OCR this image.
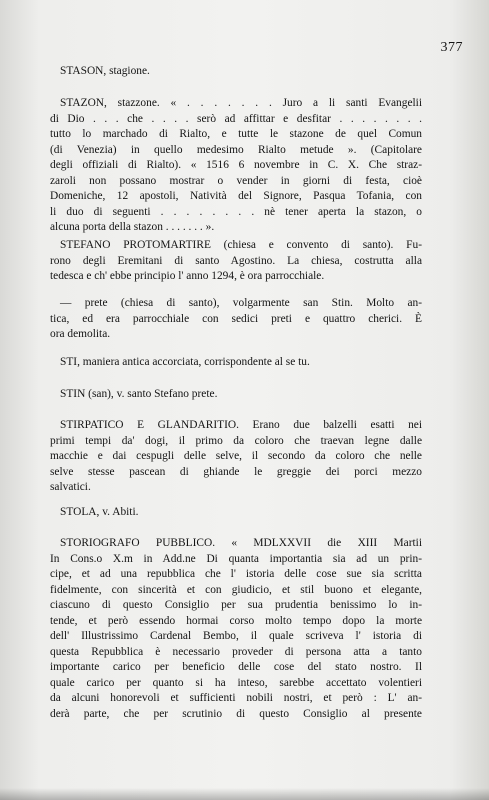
377
STASON, stagione.
STAZON, stazzone. « . . . . . . . Juro a li santi Evangelii
di Dio . . . che . . . . serò ad affittar e desfitar . . . . . . . .
tutto lo marchado di Rialto, e tutte le stazone de quel Comun
(di Venezia) in quello medesimo Rialto metude ». (Capitolare
degli offiziali di Rialto). « 1516 6 novembre in C. X. Che straz-
zaroli non possano mostrar o vender in giorni di festa, cioè
Domeniche, 12 apostoli, Natività del Signore, Pasqua Tofania, con
li duo di seguenti . . . . . . . . nè tener aperta la stazon, o
alcuna porta della stazon . . . . . . . ».
STEFANO PROTOMARTIRE (chiesa e convento di santo). Fu-
rono degli Eremitani di santo Agostino. La chiesa, costrutta alla
tedesca e ch' ebbe principio l' anno 1294, è ora parrocchiale.
— prete (chiesa di santo), volgarmente san Stin. Molto an-
tica, ed era parrocchiale con sedici preti e quattro cherici. È
ora demolita.
STI, maniera antica accorciata, corrispondente al se tu.
STIN (san), v. santo Stefano prete.
STIRPATICO E GLANDARITIO. Erano due balzelli esatti nei
primi tempi da' dogi, il primo da coloro che traevan legne dalle
macchie e dai cespugli delle selve, il secondo da coloro che nelle
selve stesse pascean di ghiande le greggie dei porci mezzo
salvatici.
STOLA, v. Abiti.
STORIOGRAFO PUBBLICO. « MDLXXVII die XIII Martii
In Cons.o X.m in Add.ne Di quanta importantia sia ad un prin-
cipe, et ad una repubblica che l' istoria delle cose sue sia scritta
fidelmente, con sincerità et con giudicio, et stil buono et elegante,
ciascuno di questo Consiglio per sua prudentia benissimo lo in-
tende, et però essendo hormai corso molto tempo dopo la morte
dell' Illustrissimo Cardenal Bembo, il quale scriveva l' istoria di
questa Repubblica è necessario proveder di persona atta a tanto
importante carico per beneficio delle cose del stato nostro. Il
quale carico per quanto si ha inteso, sarebbe accettato volentieri
da alcuni honorevoli et sufficienti nobili nostri, et però : L' an-
derà parte, che per scrutinio di questo Consiglio al presente
